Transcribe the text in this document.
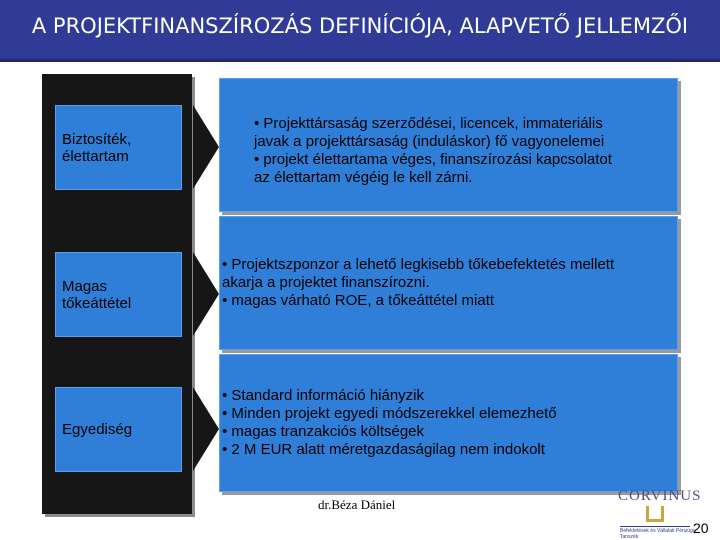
A PROJEKTFINANSZÍROZÁS DEFINÍCIÓJA, ALAPVETŐ JELLEMZŐI
Biztosíték,
élettartam
• Projekttársaság szerződései, licencek, immateriális
javak a projekttársaság (induláskor) fő vagyonelemei
• projekt élettartama véges, finanszírozási kapcsolatot
az élettartam végéig le kell zárni.
Magas
tőkeáttétel
• Projektszponzor a lehető legkisebb tőkebefektetés mellett
akarja a projektet finanszírozni.
• magas várható ROE, a tőkeáttétel miatt
Egyediség
• Standard információ hiányzik
• Minden projekt egyedi módszerekkel elemezhető
• magas tranzakciós költségek
• 2 M EUR alatt méretgazdaságilag nem indokolt
dr.Béza Dániel
CORVINUS
Befektetések és Vállalati Pénzügy Tanszék
20
